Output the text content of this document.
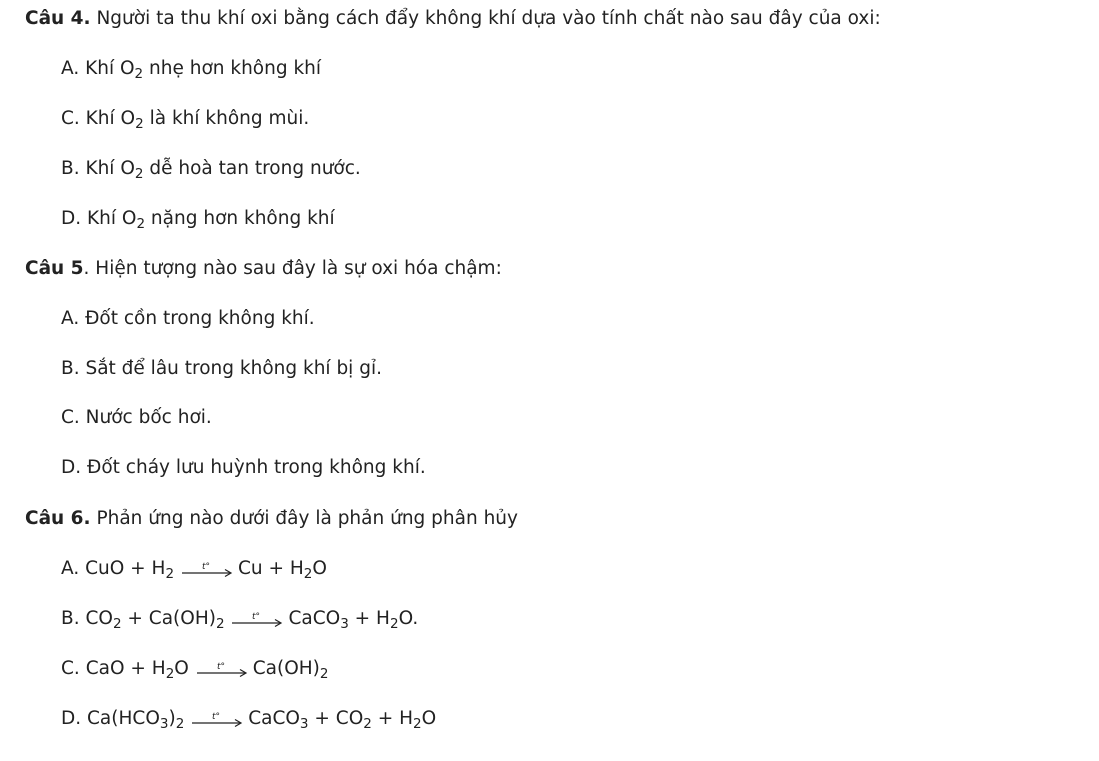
Câu 4. Người ta thu khí oxi bằng cách đẩy không khí dựa vào tính chất nào sau đây của oxi:
A. Khí $O_2$ nhẹ hơn không khí
C. Khí $O_2$ là khí không mùi.
B. Khí $O_2$ dễ hoà tan trong nước.
D. Khí $O_2$ nặng hơn không khí
Câu 5. Hiện tượng nào sau đây là sự oxi hóa chậm:
A. Đốt cồn trong không khí.
B. Sắt để lâu trong không khí bị gỉ.
C. Nước bốc hơi.
D. Đốt cháy lưu huỳnh trong không khí.
Câu 6. Phản ứng nào dưới đây là phản ứng phân hủy
A. CuO + $H_2$	t° $Cu + H_2O$
B. $CO_2 + Ca(OH)_2$	t° CaCO$_3$ + $H_2O$.
C. CaO + $H_2O$	t° $Ca(OH)_2$
D. $Ca(HCO_3)_2$	t° CaCO$_3$ + $CO_2 + H_2O$
